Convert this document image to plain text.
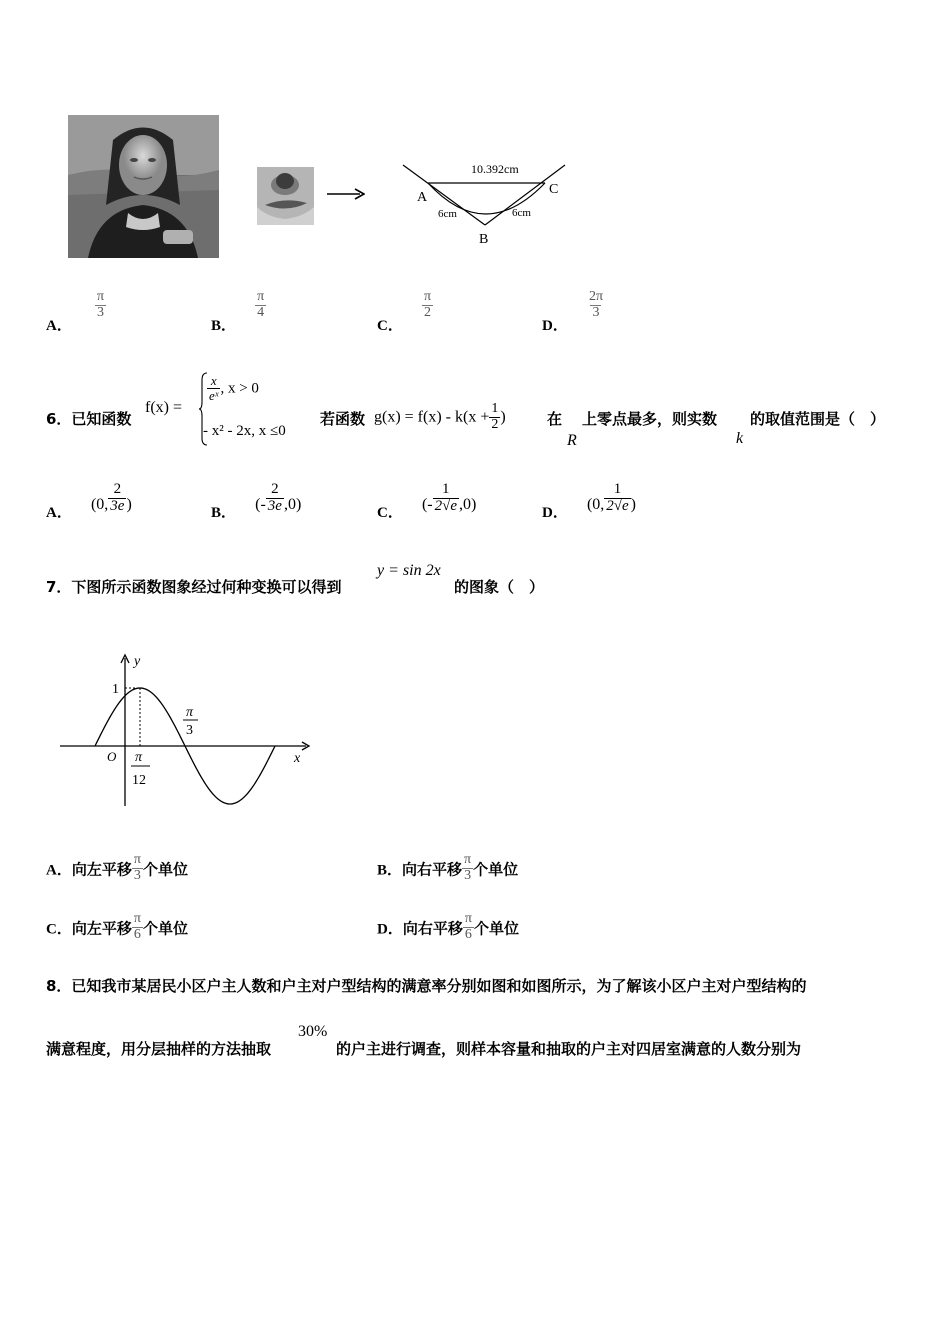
10.392cm
A
C
B
6cm	6cm
A．
$\frac{\pi}{3}$
B．
$\frac{\pi}{4}$
C．
$\frac{\pi}{2}$
D．
$\frac{2\pi}{3}$
6．已知函数
f(x) =
$\frac{x}{\text{eˣ}}$ , x > 0
- x² - 2x, x ≤0
若函数 $g(x) = f(x) - k(x + \frac{1}{2}$ )	在
R
上零点最多，则实数
k
的取值范围是（　）
A． (0, $\frac{2}{3e}$ )	B． (- $\frac{2}{3e} ,0$)	C． (- $\frac{1}{2√e} ,0$)	D． (0, $\frac{1}{2√e}$ )
7．下图所示函数图象经过何种变换可以得到
y = sin 2x
的图象（　）
y
x
O
1
π
3
π
12
A．向左平移 $\frac{\pi}{3}$ 个单位	B．向右平移 $\frac{\pi}{3}$ 个单位
C．向左平移 $\frac{\pi}{6}$ 个单位	D．向右平移 $\frac{\pi}{6}$ 个单位
8．已知我市某居民小区户主人数和户主对户型结构的满意率分别如图和如图所示，为了解该小区户主对户型结构的
满意程度，用分层抽样的方法抽取
30%
的户主进行调查，则样本容量和抽取的户主对四居室满意的人数分别为
